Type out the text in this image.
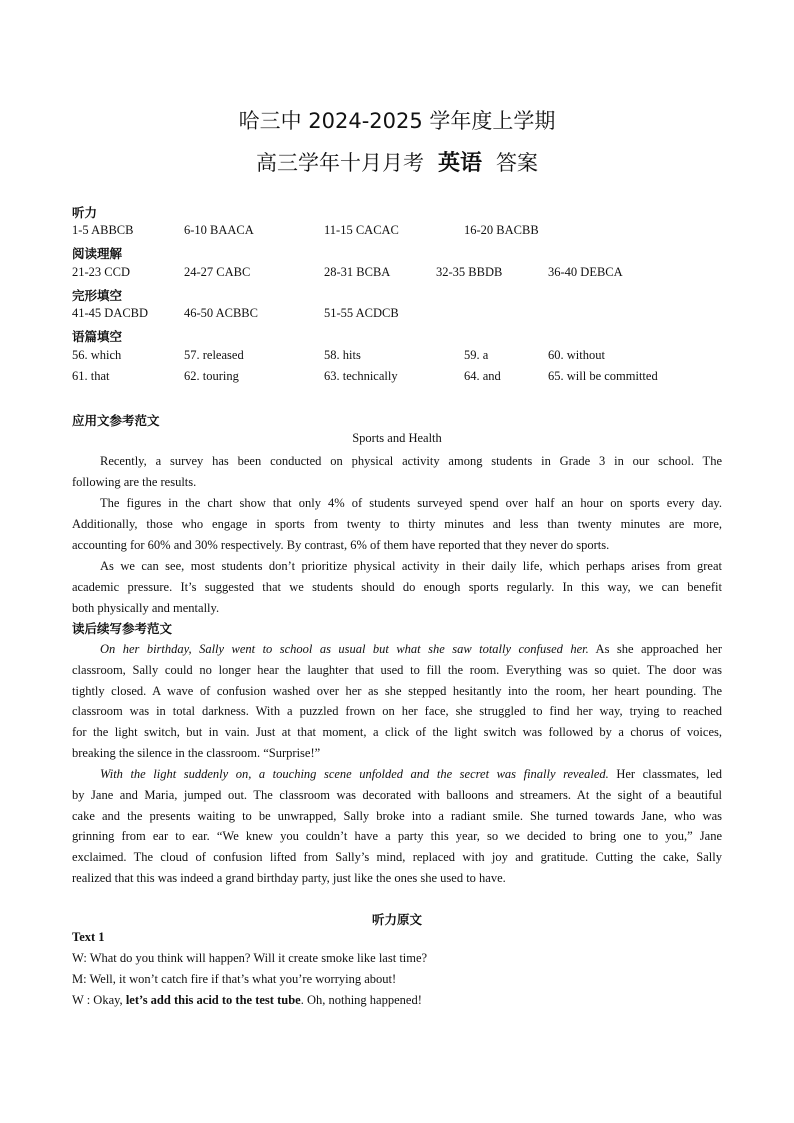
哈三中 2024-2025 学年度上学期
高三学年十月月考 英语 答案
听力
1-5 ABBCB	6-10 BAACA	11-15 CACAC	16-20 BACBB
阅读理解
21-23 CCD	24-27 CABC	28-31 BCBA	32-35 BBDB	36-40 DEBCA
完形填空
41-45 DACBD	46-50 ACBBC	51-55 ACDCB
语篇填空
56. which	57. released	58. hits	59. a	60. without
61. that	62. touring	63. technically	64. and	65. will be committed
应用文参考范文
Sports and Health
Recently, a survey has been conducted on physical activity among students in Grade 3 in our school. The
following are the results.
The figures in the chart show that only 4% of students surveyed spend over half an hour on sports every day.
Additionally, those who engage in sports from twenty to thirty minutes and less than twenty minutes are more,
accounting for 60% and 30% respectively. By contrast, 6% of them have reported that they never do sports.
As we can see, most students don’t prioritize physical activity in their daily life, which perhaps arises from great
academic pressure. It’s suggested that we students should do enough sports regularly. In this way, we can benefit
both physically and mentally.
读后续写参考范文
On her birthday, Sally went to school as usual but what she saw totally confused her. As she approached her
classroom, Sally could no longer hear the laughter that used to fill the room. Everything was so quiet. The door was
tightly closed. A wave of confusion washed over her as she stepped hesitantly into the room, her heart pounding. The
classroom was in total darkness. With a puzzled frown on her face, she struggled to find her way, trying to reached
for the light switch, but in vain. Just at that moment, a click of the light switch was followed by a chorus of voices,
breaking the silence in the classroom. “Surprise!”
With the light suddenly on, a touching scene unfolded and the secret was finally revealed. Her classmates, led
by Jane and Maria, jumped out. The classroom was decorated with balloons and streamers. At the sight of a beautiful
cake and the presents waiting to be unwrapped, Sally broke into a radiant smile. She turned towards Jane, who was
grinning from ear to ear. “We knew you couldn’t have a party this year, so we decided to bring one to you,” Jane
exclaimed. The cloud of confusion lifted from Sally’s mind, replaced with joy and gratitude. Cutting the cake, Sally
realized that this was indeed a grand birthday party, just like the ones she used to have.
听力原文
Text 1
W: What do you think will happen? Will it create smoke like last time?
M: Well, it won’t catch fire if that’s what you’re worrying about!
W : Okay, let’s add this acid to the test tube. Oh, nothing happened!
